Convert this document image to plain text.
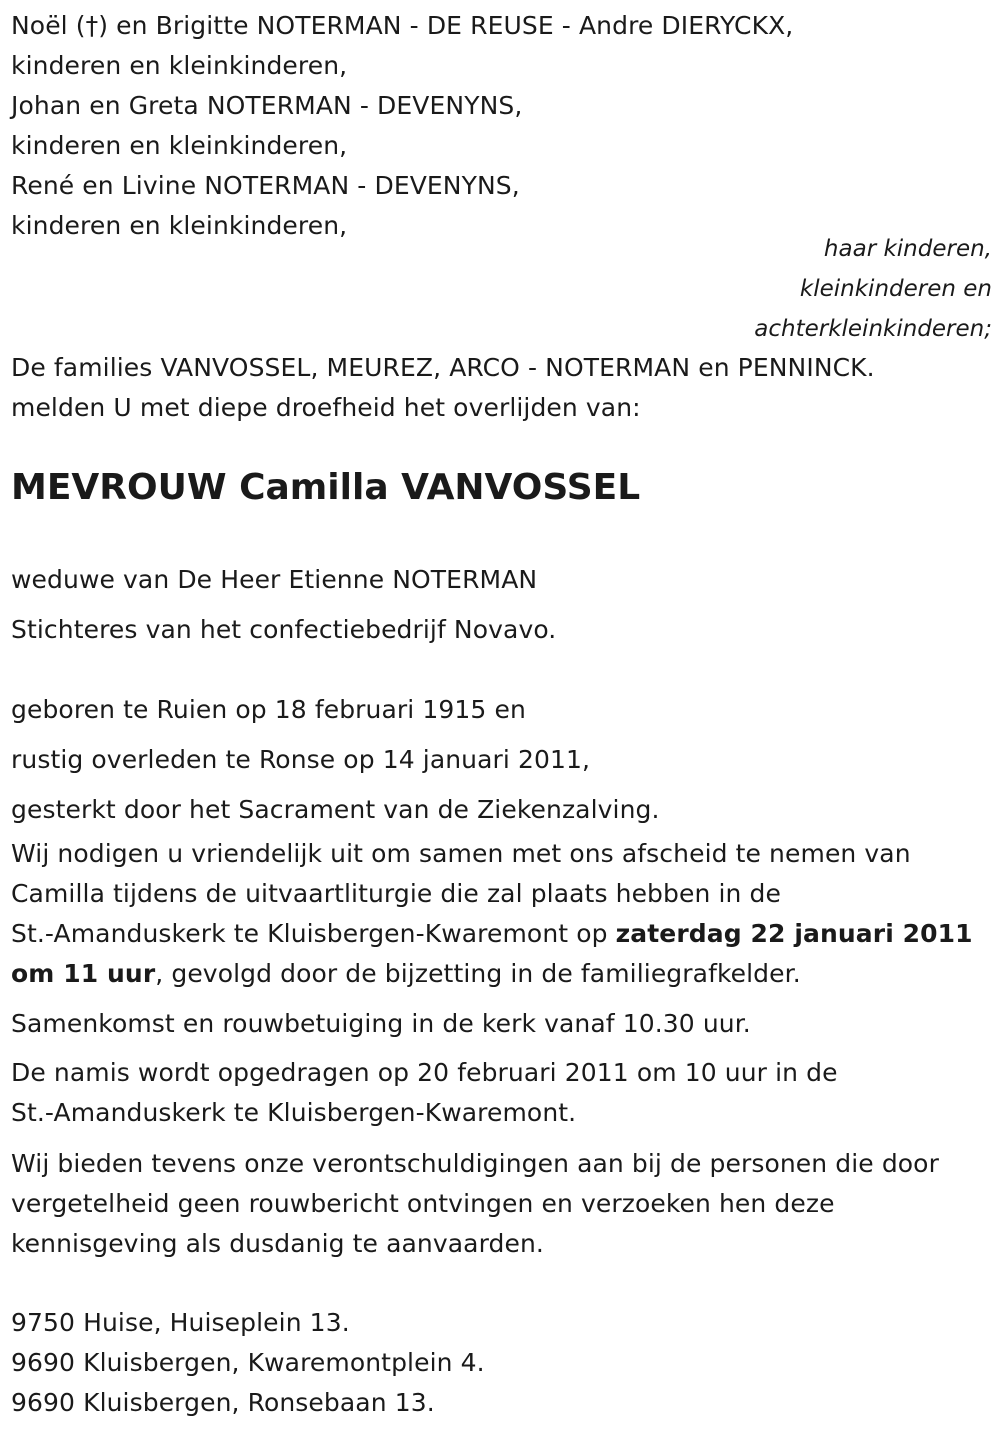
Noël (†) en Brigitte NOTERMAN - DE REUSE - Andre DIERYCKX,
kinderen en kleinkinderen,
Johan en Greta NOTERMAN - DEVENYNS,
kinderen en kleinkinderen,
René en Livine NOTERMAN - DEVENYNS,
kinderen en kleinkinderen,
haar kinderen,
kleinkinderen en
achterkleinkinderen;
De families VANVOSSEL, MEUREZ, ARCO - NOTERMAN en PENNINCK.
melden U met diepe droefheid het overlijden van:
MEVROUW Camilla VANVOSSEL
weduwe van De Heer Etienne NOTERMAN
Stichteres van het confectiebedrijf Novavo.
geboren te Ruien op 18 februari 1915 en
rustig overleden te Ronse op 14 januari 2011,
gesterkt door het Sacrament van de Ziekenzalving.
Wij nodigen u vriendelijk uit om samen met ons afscheid te nemen van
Camilla tijdens de uitvaartliturgie die zal plaats hebben in de
St.-Amanduskerk te Kluisbergen-Kwaremont op zaterdag 22 januari 2011
om 11 uur, gevolgd door de bijzetting in de familiegrafkelder.
Samenkomst en rouwbetuiging in de kerk vanaf 10.30 uur.
De namis wordt opgedragen op 20 februari 2011 om 10 uur in de
St.-Amanduskerk te Kluisbergen-Kwaremont.
Wij bieden tevens onze verontschuldigingen aan bij de personen die door
vergetelheid geen rouwbericht ontvingen en verzoeken hen deze
kennisgeving als dusdanig te aanvaarden.
9750 Huise, Huiseplein 13.
9690 Kluisbergen, Kwaremontplein 4.
9690 Kluisbergen, Ronsebaan 13.
